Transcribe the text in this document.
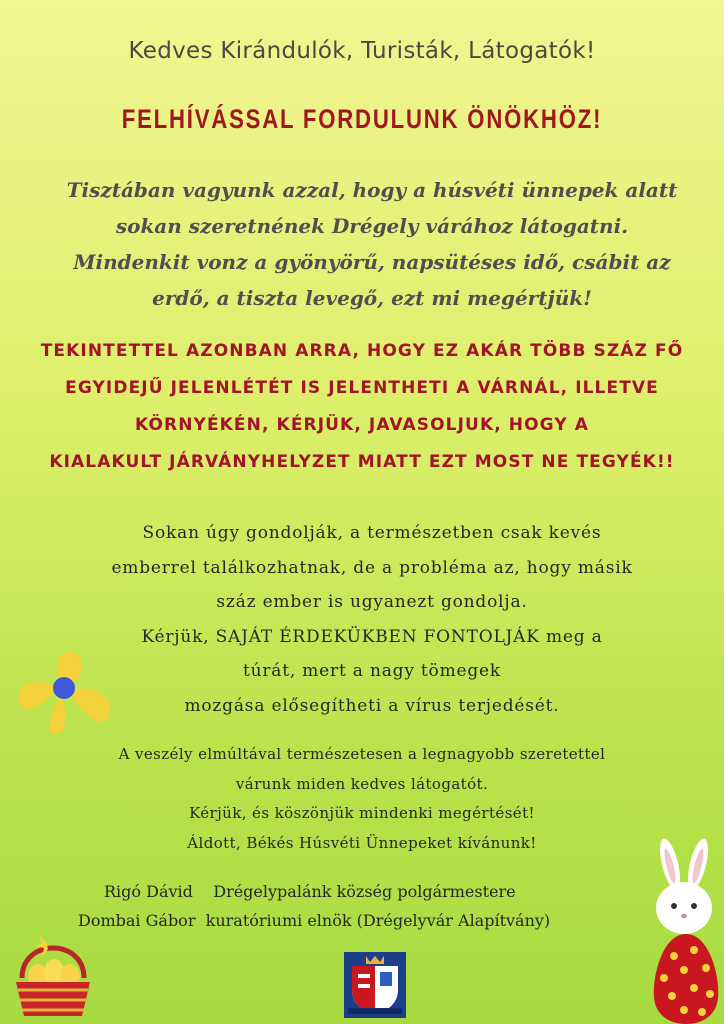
Kedves Kirándulók, Turisták, Látogatók!
FELHÍVÁSSAL FORDULUNK ÖNÖKHÖZ!
Tisztában vagyunk azzal, hogy a húsvéti ünnepek alatt
sokan szeretnének Drégely várához látogatni.
Mindenkit vonz a gyönyörű, napsütéses idő, csábit az
erdő, a tiszta levegő, ezt mi megértjük!
TEKINTETTEL AZONBAN ARRA, HOGY EZ AKÁR TÖBB SZÁZ FŐ
EGYIDEJŰ JELENLÉTÉT IS JELENTHETI A VÁRNÁL, ILLETVE
KÖRNYÉKÉN, KÉRJÜK, JAVASOLJUK, HOGY A
KIALAKULT JÁRVÁNYHELYZET MIATT EZT MOST NE TEGYÉK!!
Sokan úgy gondolják, a természetben csak kevés
emberrel találkozhatnak, de a probléma az, hogy másik
száz ember is ugyanezt gondolja.
Kérjük, SAJÁT ÉRDEKÜKBEN FONTOLJÁK meg a
túrát, mert a nagy tömegek
mozgása elősegítheti a vírus terjedését.
A veszély elmúltával természetesen a legnagyobb szeretettel
várunk miden kedves látogatót.
Kérjük, és köszönjük mindenki megértését!
Áldott, Békés Húsvéti Ünnepeket kívánunk!
Rigó Dávid Drégelypalánk község polgármestere
Dombai Gábor kuratóriumi elnök (Drégelyvár Alapítvány)
